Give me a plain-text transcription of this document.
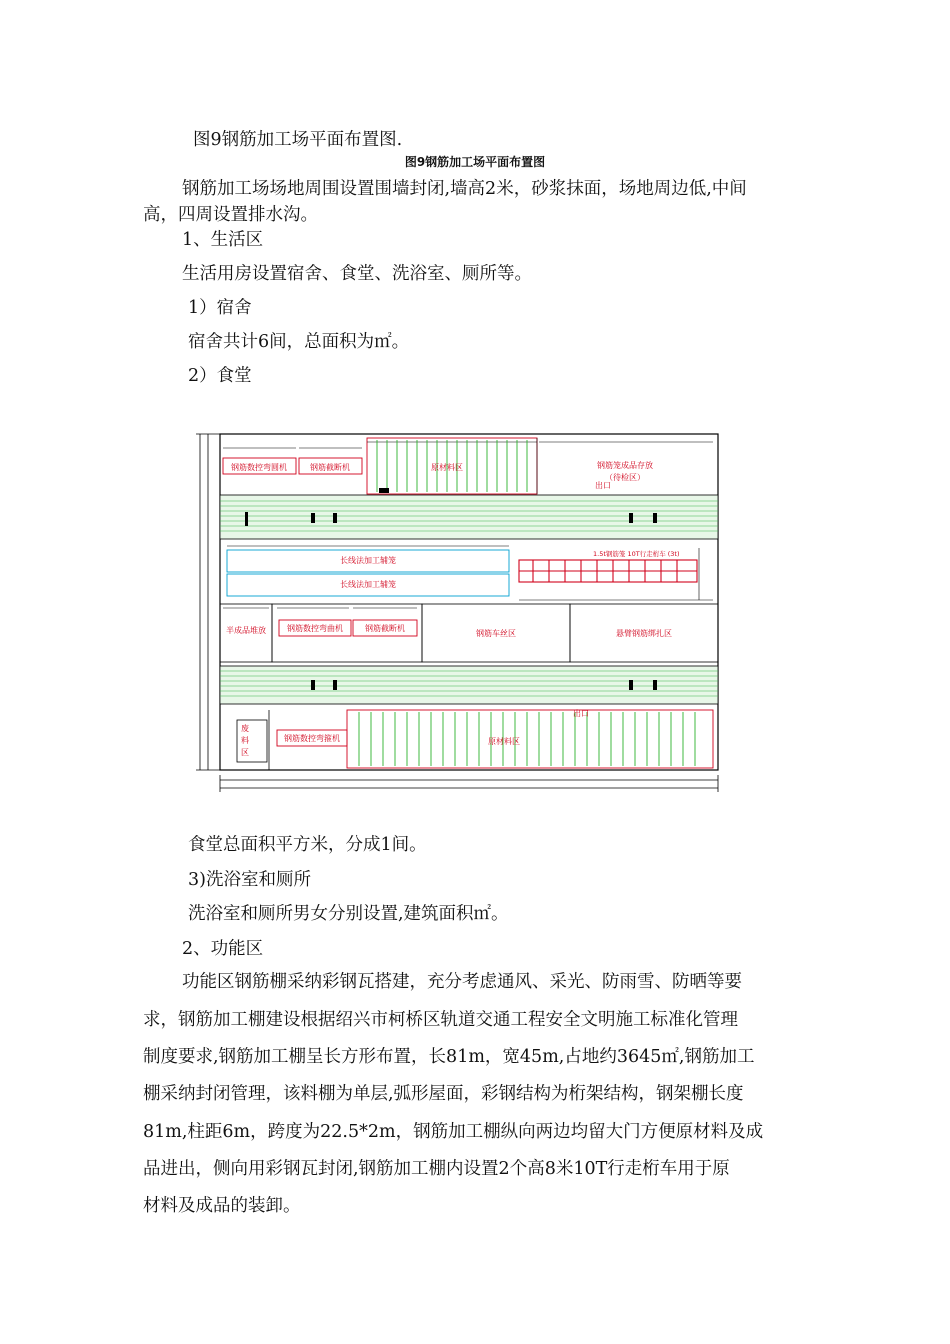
图9钢筋加工场平面布置图.
图9钢筋加工场平面布置图
钢筋加工场场地周围设置围墙封闭,墙高2米，砂浆抹面，场地周边低,中间
高，四周设置排水沟。
1、生活区
生活用房设置宿舍、食堂、洗浴室、厕所等。
1）宿舍
宿舍共计6间，总面积为㎡。
2）食堂
钢筋数控弯圆机	钢筋截断机	原材料区	钢筋笼成品存放
（待检区）
出口
长线法加工辅笼
长线法加工辅笼
1.5t钢筋笼 10T行走桁车 (3t)
半成品堆放	钢筋数控弯曲机	钢筋截断机
钢筋车丝区	悬臂钢筋绑扎区
废
料
区
钢筋数控弯箍机	原材料区
出口
食堂总面积平方米，分成1间。
3)洗浴室和厕所
洗浴室和厕所男女分别设置,建筑面积㎡。
2、功能区
功能区钢筋棚采纳彩钢瓦搭建，充分考虑通风、采光、防雨雪、防晒等要
求，钢筋加工棚建设根据绍兴市柯桥区轨道交通工程安全文明施工标准化管理
制度要求,钢筋加工棚呈长方形布置，长81m，宽45m,占地约3645㎡,钢筋加工
棚采纳封闭管理，该料棚为单层,弧形屋面，彩钢结构为桁架结构，钢架棚长度
81m,柱距6m，跨度为22.5*2m，钢筋加工棚纵向两边均留大门方便原材料及成
品进出，侧向用彩钢瓦封闭,钢筋加工棚内设置2个高8米10T行走桁车用于原
材料及成品的装卸。
